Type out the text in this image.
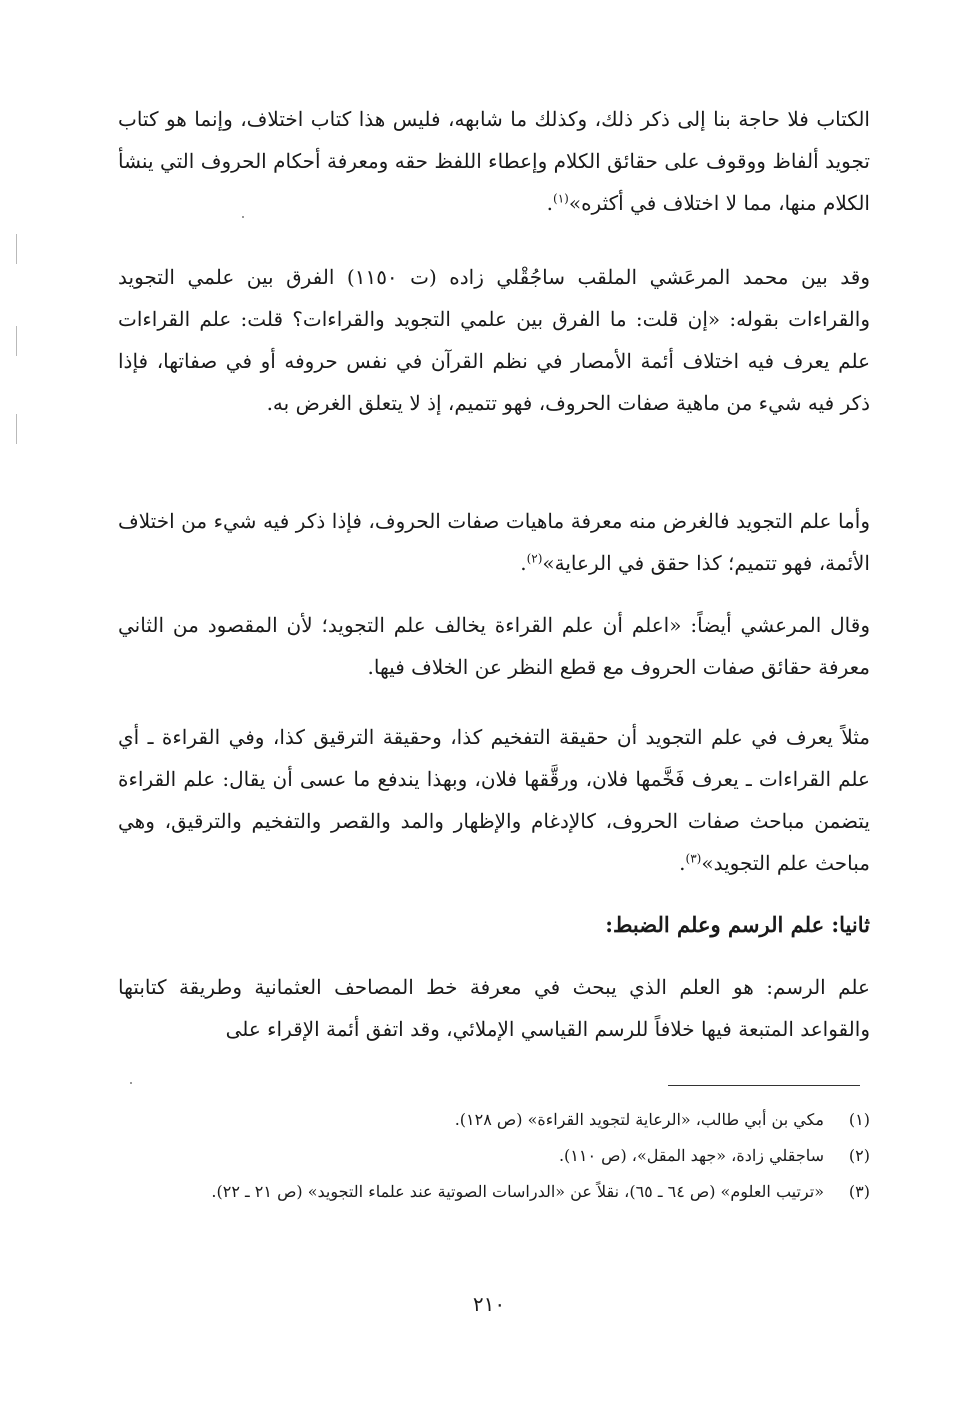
الكتاب فلا حاجة بنا إلى ذكر ذلك، وكذلك ما شابهه، فليس هذا كتاب اختلاف، وإنما هو كتاب تجويد ألفاظ ووقوف على حقائق الكلام وإعطاء اللفظ حقه ومعرفة أحكام الحروف التي ينشأ الكلام منها، مما لا اختلاف في أكثره»$^{(١)}$.

وقد بين محمد المرعَشي الملقب ساجُقْلي زاده (ت ١١٥٠) الفرق بين علمي التجويد والقراءات بقوله: «إن قلت: ما الفرق بين علمي التجويد والقراءات؟ قلت: علم القراءات علم يعرف فيه اختلاف أئمة الأمصار في نظم القرآن في نفس حروفه أو في صفاتها، فإذا ذكر فيه شيء من ماهية صفات الحروف، فهو تتميم، إذ لا يتعلق الغرض به.

وأما علم التجويد فالغرض منه معرفة ماهيات صفات الحروف، فإذا ذكر فيه شيء من اختلاف الأئمة، فهو تتميم؛ كذا حقق في الرعاية»$^{(٢)}$.

وقال المرعشي أيضاً: «اعلم أن علم القراءة يخالف علم التجويد؛ لأن المقصود من الثاني معرفة حقائق صفات الحروف مع قطع النظر عن الخلاف فيها.

مثلاً يعرف في علم التجويد أن حقيقة التفخيم كذا، وحقيقة الترقيق كذا، وفي القراءة ـ أي علم القراءات ـ يعرف فَخَّمها فلان، ورقَّقها فلان، وبهذا يندفع ما عسى أن يقال: علم القراءة يتضمن مباحث صفات الحروف، كالإدغام والإظهار والمد والقصر والتفخيم والترقيق، وهي مباحث علم التجويد»$^{(٣)}$.

ثانيا: علم الرسم وعلم الضبط:

علم الرسم: هو العلم الذي يبحث في معرفة خط المصاحف العثمانية وطريقة كتابتها والقواعد المتبعة فيها خلافاً للرسم القياسي الإملائي، وقد اتفق أئمة الإقراء على

(١)
مكي بن أبي طالب، «الرعاية لتجويد القراءة» (ص ١٢٨).
(٢)
ساجقلي زادة، «جهد المقل»، (ص ١١٠).
(٣)
«ترتيب العلوم» (ص ٦٤ ـ ٦٥)، نقلاً عن «الدراسات الصوتية عند علماء التجويد» (ص ٢١ ـ ٢٢).
٢١٠
